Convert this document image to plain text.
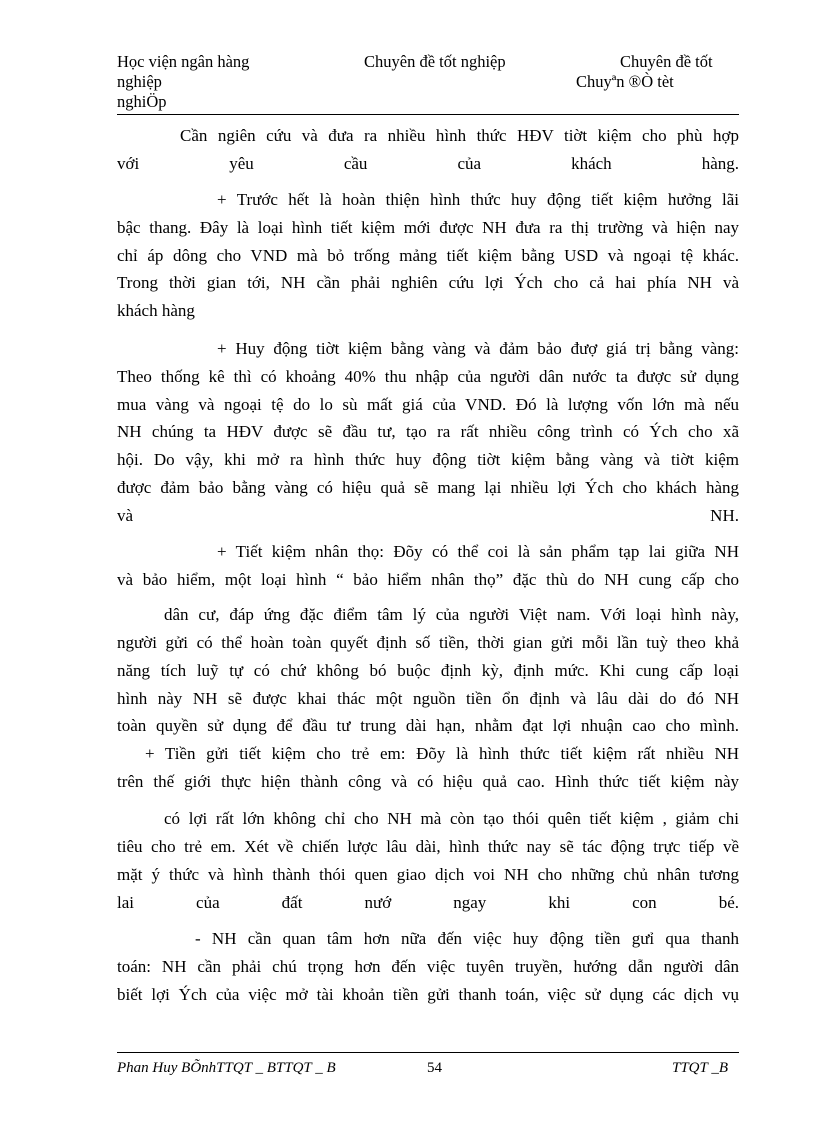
Học viện ngân hàng	Chuyên đề tốt nghiệp	Chuyên đề tốt
nghiệp	Chuyªn ®Ò tèt
nghiÖp
Cần ngiên cứu và đưa ra nhiều hình thức HĐV tiờt kiệm cho phù hợp
với yêu cầu của khách hàng.
+ Trước hết là hoàn thiện hình thức huy động tiết kiệm hưởng lãi
bậc thang. Đây là loại hình tiết kiệm mới được NH đưa ra thị trường và hiện nay
chỉ áp dông cho VND mà bỏ trống mảng tiết kiệm bằng USD và ngoại tệ khác.
Trong thời gian tới, NH cần phải nghiên cứu lợi Ých cho cả hai phía NH và
khách hàng
+ Huy động tiờt kiệm bằng vàng và đảm bảo đượ giá trị bằng vàng:
Theo thống kê thì có khoảng 40% thu nhập của người dân nước ta được sử dụng
mua vàng và ngoại tệ do lo sù mất giá của VND. Đó là lượng vốn lớn mà nếu
NH chúng ta HĐV được sẽ đầu tư, tạo ra rất nhiều công trình có Ých cho xã
hội. Do vậy, khi mở ra hình thức huy động tiờt kiệm bằng vàng và tiờt kiệm
được đảm bảo bằng vàng có hiệu quả sẽ mang lại nhiều lợi Ých cho khách hàng
và NH.
+ Tiết kiệm nhân thọ: Đõy có thể coi là sản phẩm tạp lai giữa NH
và bảo hiểm, một loại hình “ bảo hiểm nhân thọ” đặc thù do NH cung cấp cho
dân cư, đáp ứng đặc điểm tâm lý của người Việt nam. Với loại hình này,
người gửi có thể hoàn toàn quyết định số tiền, thời gian gửi mỗi lần tuỳ theo khả
năng tích luỹ tự có chứ không bó buộc định kỳ, định mức. Khi cung cấp loại
hình này NH sẽ được khai thác một nguồn tiền ổn định và lâu dài do đó NH
toàn quyền sử dụng để đầu tư trung dài hạn, nhằm đạt lợi nhuận cao cho mình.
+ Tiền gửi tiết kiệm cho trẻ em: Đõy là hình thức tiết kiệm rất nhiều NH
trên thế giới thực hiện thành công và có hiệu quả cao. Hình thức tiết kiệm này
có lợi rất lớn không chỉ cho NH mà còn tạo thói quên tiết kiệm , giảm chi
tiêu cho trẻ em. Xét về chiến lược lâu dài, hình thức nay sẽ tác động trực tiếp về
mặt ý thức và hình thành thói quen giao dịch voi NH cho những chủ nhân tương
lai của đất nướ ngay khi con bé.
- NH cần quan tâm hơn nữa đến việc huy động tiền gưỉ qua thanh
toán: NH cần phải chú trọng hơn đến việc tuyên truyền, hướng dẫn người dân
biết lợi Ých của việc mở tài khoản tiền gửi thanh toán, việc sử dụng các dịch vụ
Phan Huy BÕnhTTQT _ BTTQT _ B	54	TTQT _B
